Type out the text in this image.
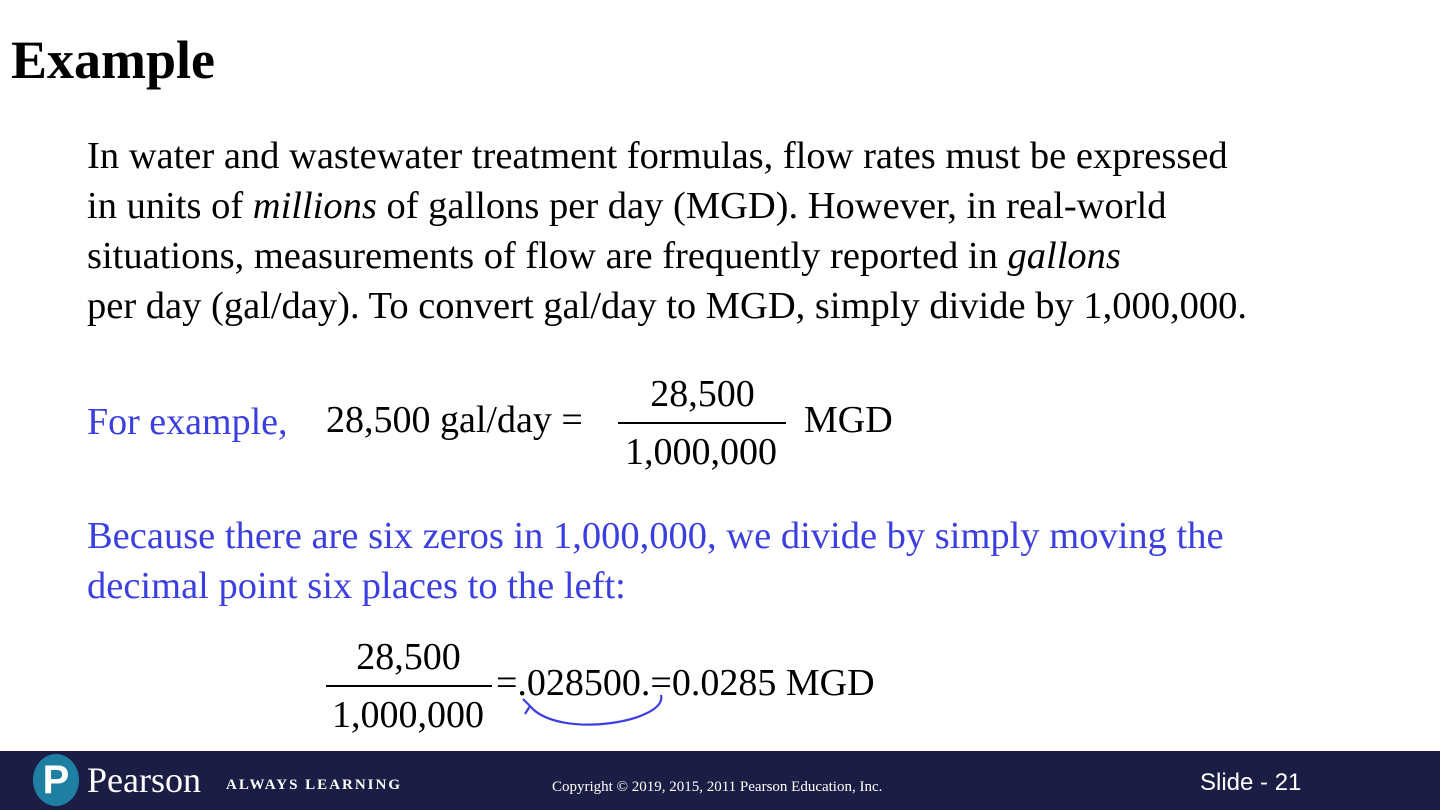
Example

In water and wastewater treatment formulas, flow rates must be expressed
in units of millions of gallons per day (MGD). However, in real-world
situations, measurements of flow are frequently reported in gallons
per day (gal/day). To convert gal/day to MGD, simply divide by 1,000,000.

For example, 28,500 gal/day =
28,500
1,000,000
MGD

Because there are six zeros in 1,000,000, we divide by simply moving the
decimal point six places to the left:

28,500
1,000,000
=.028500.=0.0285 MGD
P Pearson ALWAYS LEARNING	Copyright © 2019, 2015, 2011 Pearson Education, Inc.	Slide - 21
